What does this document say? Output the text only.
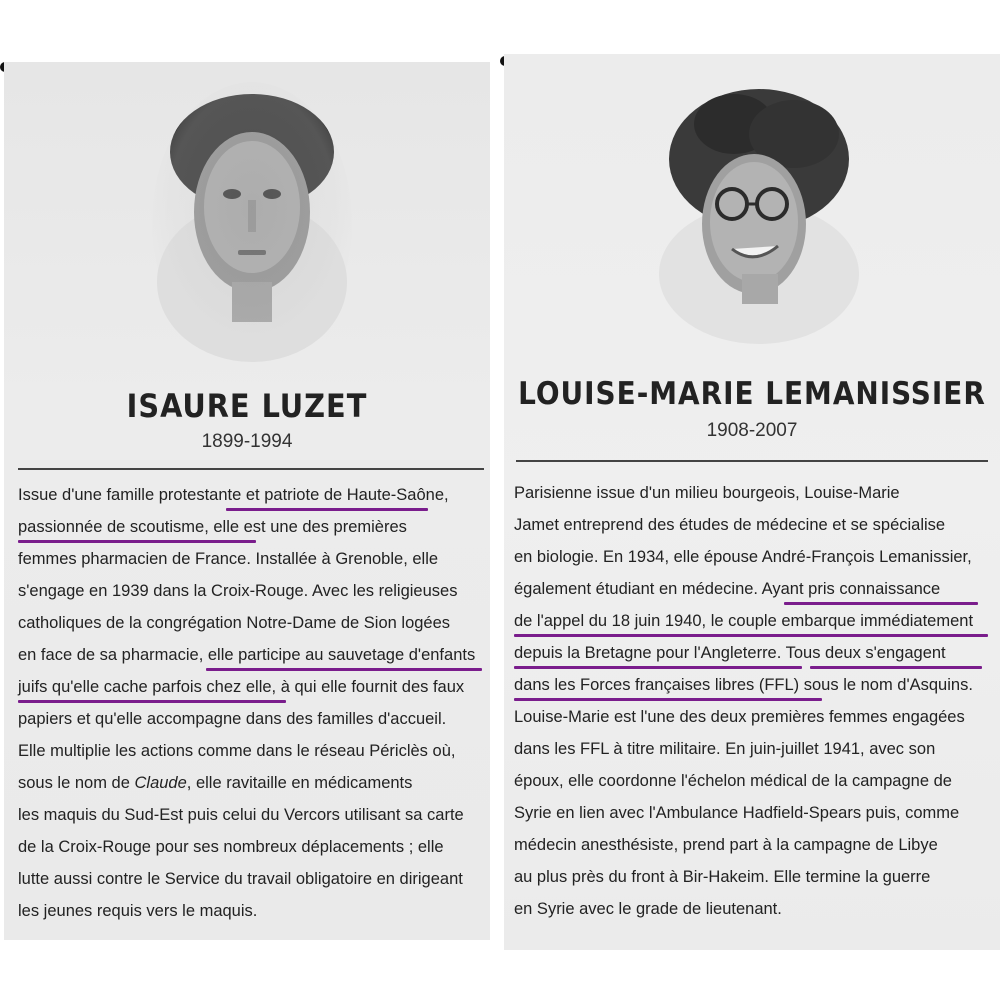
ISAURE LUZET
1899-1994
Issue d'une famille protestante et patriote de Haute-Saône,
passionnée de scoutisme, elle est une des premières
femmes pharmacien de France. Installée à Grenoble, elle
s'engage en 1939 dans la Croix-Rouge. Avec les religieuses
catholiques de la congrégation Notre-Dame de Sion logées
en face de sa pharmacie, elle participe au sauvetage d'enfants
juifs qu'elle cache parfois chez elle, à qui elle fournit des faux
papiers et qu'elle accompagne dans des familles d'accueil.
Elle multiplie les actions comme dans le réseau Périclès où,
sous le nom de Claude, elle ravitaille en médicaments
les maquis du Sud-Est puis celui du Vercors utilisant sa carte
de la Croix-Rouge pour ses nombreux déplacements ; elle
lutte aussi contre le Service du travail obligatoire en dirigeant
les jeunes requis vers le maquis.
LOUISE-MARIE LEMANISSIER
1908-2007
Parisienne issue d'un milieu bourgeois, Louise-Marie
Jamet entreprend des études de médecine et se spécialise
en biologie. En 1934, elle épouse André-François Lemanissier,
également étudiant en médecine. Ayant pris connaissance
de l'appel du 18 juin 1940, le couple embarque immédiatement
depuis la Bretagne pour l'Angleterre. Tous deux s'engagent
dans les Forces françaises libres (FFL) sous le nom d'Asquins.
Louise-Marie est l'une des deux premières femmes engagées
dans les FFL à titre militaire. En juin-juillet 1941, avec son
époux, elle coordonne l'échelon médical de la campagne de
Syrie en lien avec l'Ambulance Hadfield-Spears puis, comme
médecin anesthésiste, prend part à la campagne de Libye
au plus près du front à Bir-Hakeim. Elle termine la guerre
en Syrie avec le grade de lieutenant.
